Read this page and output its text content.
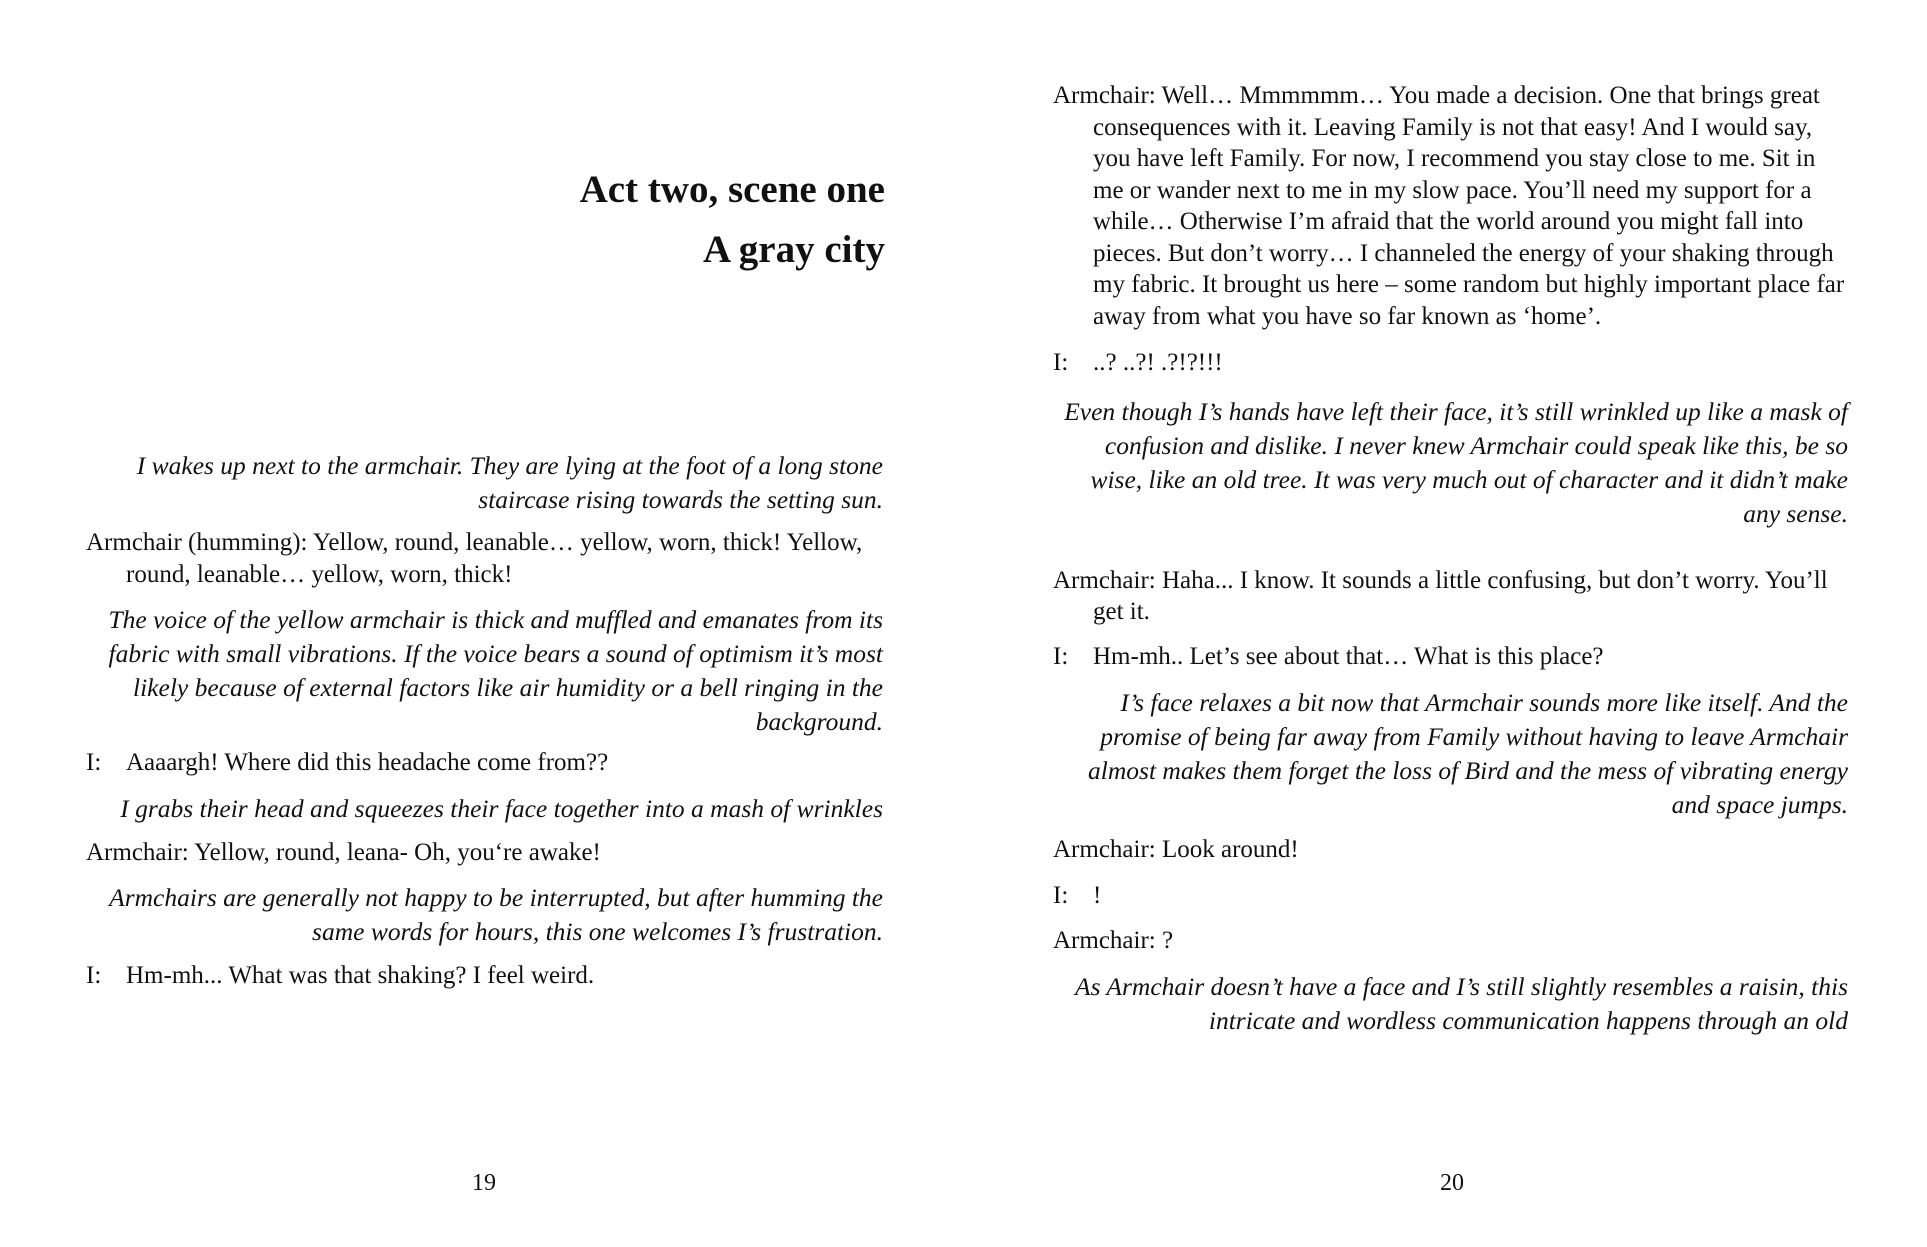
Act two, scene one

A gray city

I wakes up next to the armchair. They are lying at the foot of a long stone staircase rising towards the setting sun.

Armchair (humming): Yellow, round, leanable… yellow, worn, thick! Yellow, round, leanable… yellow, worn, thick!

The voice of the yellow armchair is thick and muffled and emanates from its fabric with small vibrations. If the voice bears a sound of optimism it’s most likely because of external factors like air humidity or a bell ringing in the background.

I: Aaaargh! Where did this headache come from??

I grabs their head and squeezes their face together into a mash of wrinkles

Armchair: Yellow, round, leana- Oh, you‘re awake!

Armchairs are generally not happy to be interrupted, but after humming the same words for hours, this one welcomes I’s frustration.

I: Hm-mh... What was that shaking? I feel weird.

19

Armchair: Well… Mmmmmm… You made a decision. One that brings great consequences with it. Leaving Family is not that easy! And I would say, you have left Family. For now, I recommend you stay close to me. Sit in me or wander next to me in my slow pace. You’ll need my support for a while… Otherwise I’m afraid that the world around you might fall into pieces. But don’t worry… I channeled the energy of your shaking through my fabric. It brought us here – some random but highly important place far away from what you have so far known as ‘home’.

I: ..? ..?! .?!?!!!

Even though I’s hands have left their face, it’s still wrinkled up like a mask of confusion and dislike. I never knew Armchair could speak like this, be so wise, like an old tree. It was very much out of character and it didn’t make any sense.

Armchair: Haha... I know. It sounds a little confusing, but don’t worry. You’ll get it.

I: Hm-mh.. Let’s see about that… What is this place?

I’s face relaxes a bit now that Armchair sounds more like itself. And the promise of being far away from Family without having to leave Armchair almost makes them forget the loss of Bird and the mess of vibrating energy and space jumps.

Armchair: Look around!

I: !

Armchair: ?

As Armchair doesn’t have a face and I’s still slightly resembles a raisin, this intricate and wordless communication happens through an old

20
